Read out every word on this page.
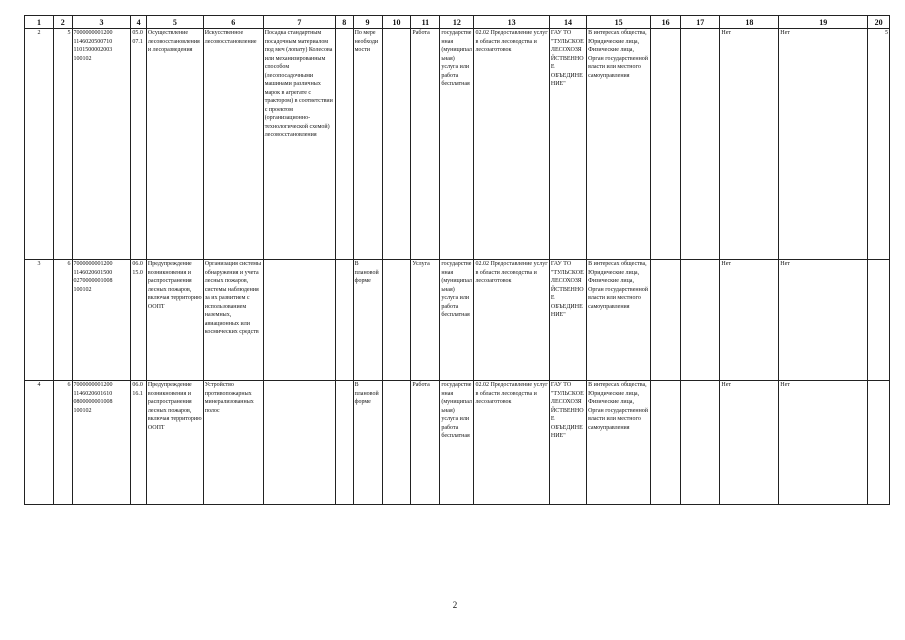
1	2	3	4	5	6	7	8	9	10	11	12	13	14	15	16	17	18	19	20
2	5	7000000001200 1146020500710 1101500002003 100102	05.007.1	Осуществление лесовосстановления и лесоразведения	Искусственное лесовосстановление	Посадка стандартным посадочным материалом под меч (лопату) Колесова или механизированным способом (лесопосадочными машинами различных марок в агрегате с трактором) в соответствии с проектом (организационно-технологической схемой) лесовосстановления		По мере необходимости		Работа	государственная (муниципальная) услуга или работа бесплатная	02.02 Предоставление услуг в области лесоводства и лесозаготовок	ГАУ ТО "ТУЛЬСКОЕ ЛЕСОХОЗЯЙСТВЕННОЕ ОБЪЕДИНЕНИЕ"	В интересах общества, Юридические лица, Физические лица, Орган государственной власти или местного самоуправления			Нет	Нет	5
3	6	7000000001200 1146020601500 0270000001008 100102	06.015.0	Предупреждение возникновения и распространения лесных пожаров, включая территорию ООПТ	Организация системы обнаружения и учета лесных пожаров, системы наблюдения за их развитием с использованием наземных, авиационных или космических средств			В плановой форме		Услуга	государственная (муниципальная) услуга или работа бесплатная	02.02 Предоставление услуг в области лесоводства и лесозаготовок	ГАУ ТО "ТУЛЬСКОЕ ЛЕСОХОЗЯЙСТВЕННОЕ ОБЪЕДИНЕНИЕ"	В интересах общества, Юридические лица, Физические лица, Орган государственной власти или местного самоуправления			Нет	Нет	
4	6	7000000001200 1146020601610 0800000001008 100102	06.016.1	Предупреждение возникновения и распространения лесных пожаров, включая территорию ООПТ	Устройство противопожарных минерализованных полос			В плановой форме		Работа	государственная (муниципальная) услуга или работа бесплатная	02.02 Предоставление услуг в области лесоводства и лесозаготовок	ГАУ ТО "ТУЛЬСКОЕ ЛЕСОХОЗЯЙСТВЕННОЕ ОБЪЕДИНЕНИЕ"	В интересах общества, Юридические лица, Физические лица, Орган государственной власти или местного самоуправления			Нет	Нет	
2
